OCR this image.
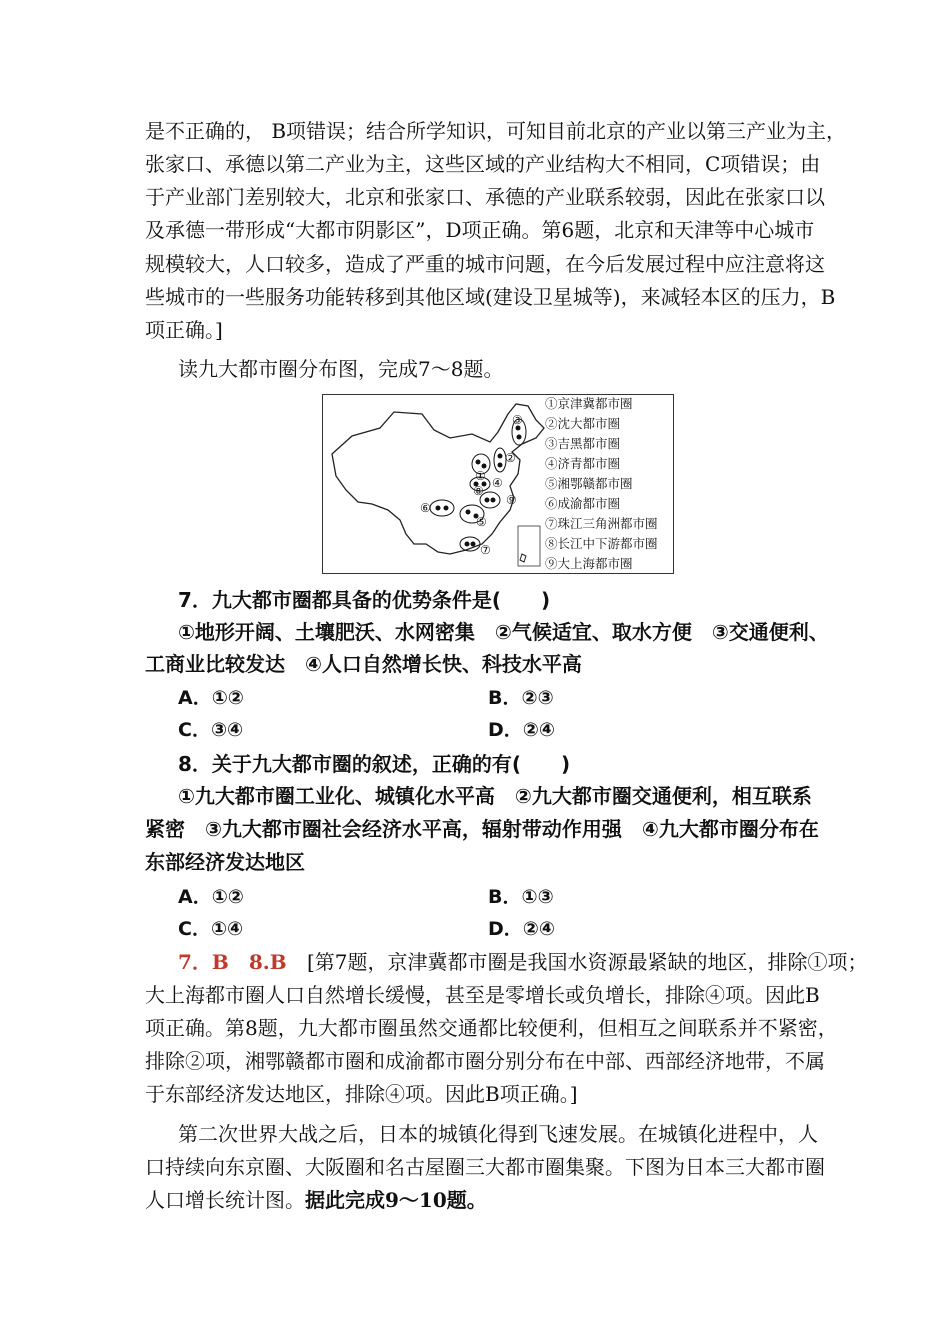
是不正确的， B项错误；结合所学知识，可知目前北京的产业以第三产业为主，
张家口、承德以第二产业为主，这些区域的产业结构大不相同，C项错误；由
于产业部门差别较大，北京和张家口、承德的产业联系较弱，因此在张家口以
及承德一带形成“大都市阴影区”，D项正确。第6题，北京和天津等中心城市
规模较大，人口较多，造成了严重的城市问题，在今后发展过程中应注意将这
些城市的一些服务功能转移到其他区域(建设卫星城等)，来减轻本区的压力，B
项正确。]
读九大都市圈分布图，完成7～8题。
③
②
④
①
⑧
⑨
⑤
⑥
⑦
①京津冀都市圈
②沈大都市圈
③吉黑都市圈
④济青都市圈
⑤湘鄂赣都市圈
⑥成渝都市圈
⑦珠江三角洲都市圈
⑧长江中下游都市圈
⑨大上海都市圈
7．九大都市圈都具备的优势条件是(　　)
①地形开阔、土壤肥沃、水网密集　②气候适宜、取水方便　③交通便利、
工商业比较发达　④人口自然增长快、科技水平高
A．①②	B．②③
C．③④	D．②④
8．关于九大都市圈的叙述，正确的有(　　)
①九大都市圈工业化、城镇化水平高　②九大都市圈交通便利，相互联系
紧密　③九大都市圈社会经济水平高，辐射带动作用强　④九大都市圈分布在
东部经济发达地区
A．①②	B．①③
C．①④	D．②④
7．B　8.B [第7题，京津冀都市圈是我国水资源最紧缺的地区，排除①项；
大上海都市圈人口自然增长缓慢，甚至是零增长或负增长，排除④项。因此B
项正确。第8题，九大都市圈虽然交通都比较便利，但相互之间联系并不紧密，
排除②项，湘鄂赣都市圈和成渝都市圈分别分布在中部、西部经济地带，不属
于东部经济发达地区，排除④项。因此B项正确。]
第二次世界大战之后，日本的城镇化得到飞速发展。在城镇化进程中，人
口持续向东京圈、大阪圈和名古屋圈三大都市圈集聚。下图为日本三大都市圈
人口增长统计图。据此完成9～10题。
